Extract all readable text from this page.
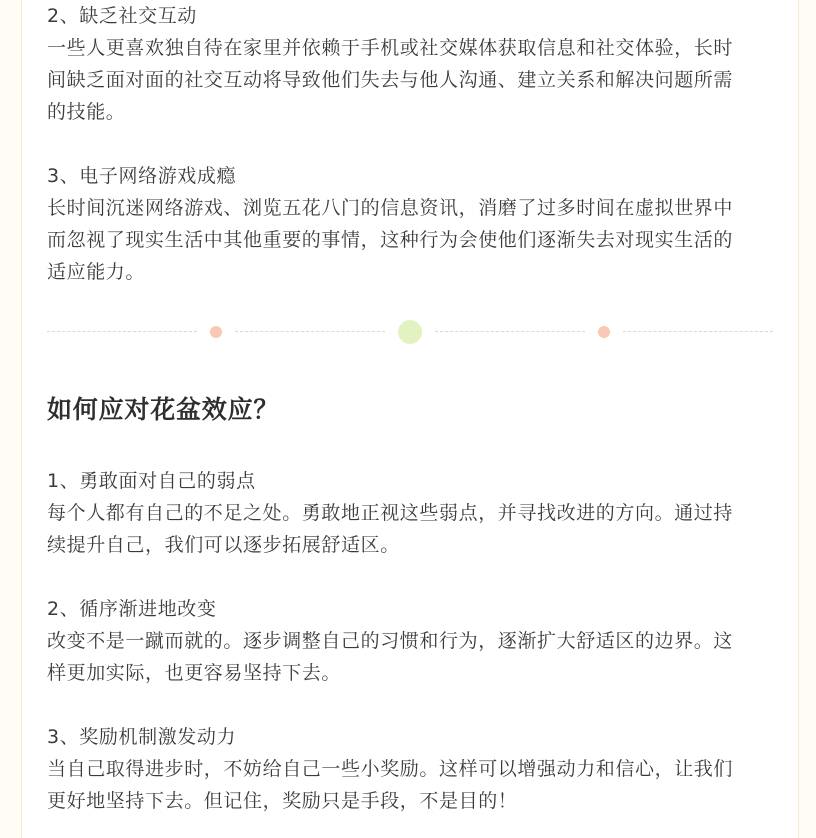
2、缺乏社交互动
一些人更喜欢独自待在家里并依赖于手机或社交媒体获取信息和社交体验，长时
间缺乏面对面的社交互动将导致他们失去与他人沟通、建立关系和解决问题所需
的技能。
3、电子网络游戏成瘾
长时间沉迷网络游戏、浏览五花八门的信息资讯，消磨了过多时间在虚拟世界中
而忽视了现实生活中其他重要的事情，这种行为会使他们逐渐失去对现实生活的
适应能力。
如何应对花盆效应？
1、勇敢面对自己的弱点
每个人都有自己的不足之处。勇敢地正视这些弱点，并寻找改进的方向。通过持
续提升自己，我们可以逐步拓展舒适区。
2、循序渐进地改变
改变不是一蹴而就的。逐步调整自己的习惯和行为，逐渐扩大舒适区的边界。这
样更加实际，也更容易坚持下去。
3、奖励机制激发动力
当自己取得进步时，不妨给自己一些小奖励。这样可以增强动力和信心，让我们
更好地坚持下去。但记住，奖励只是手段，不是目的！
